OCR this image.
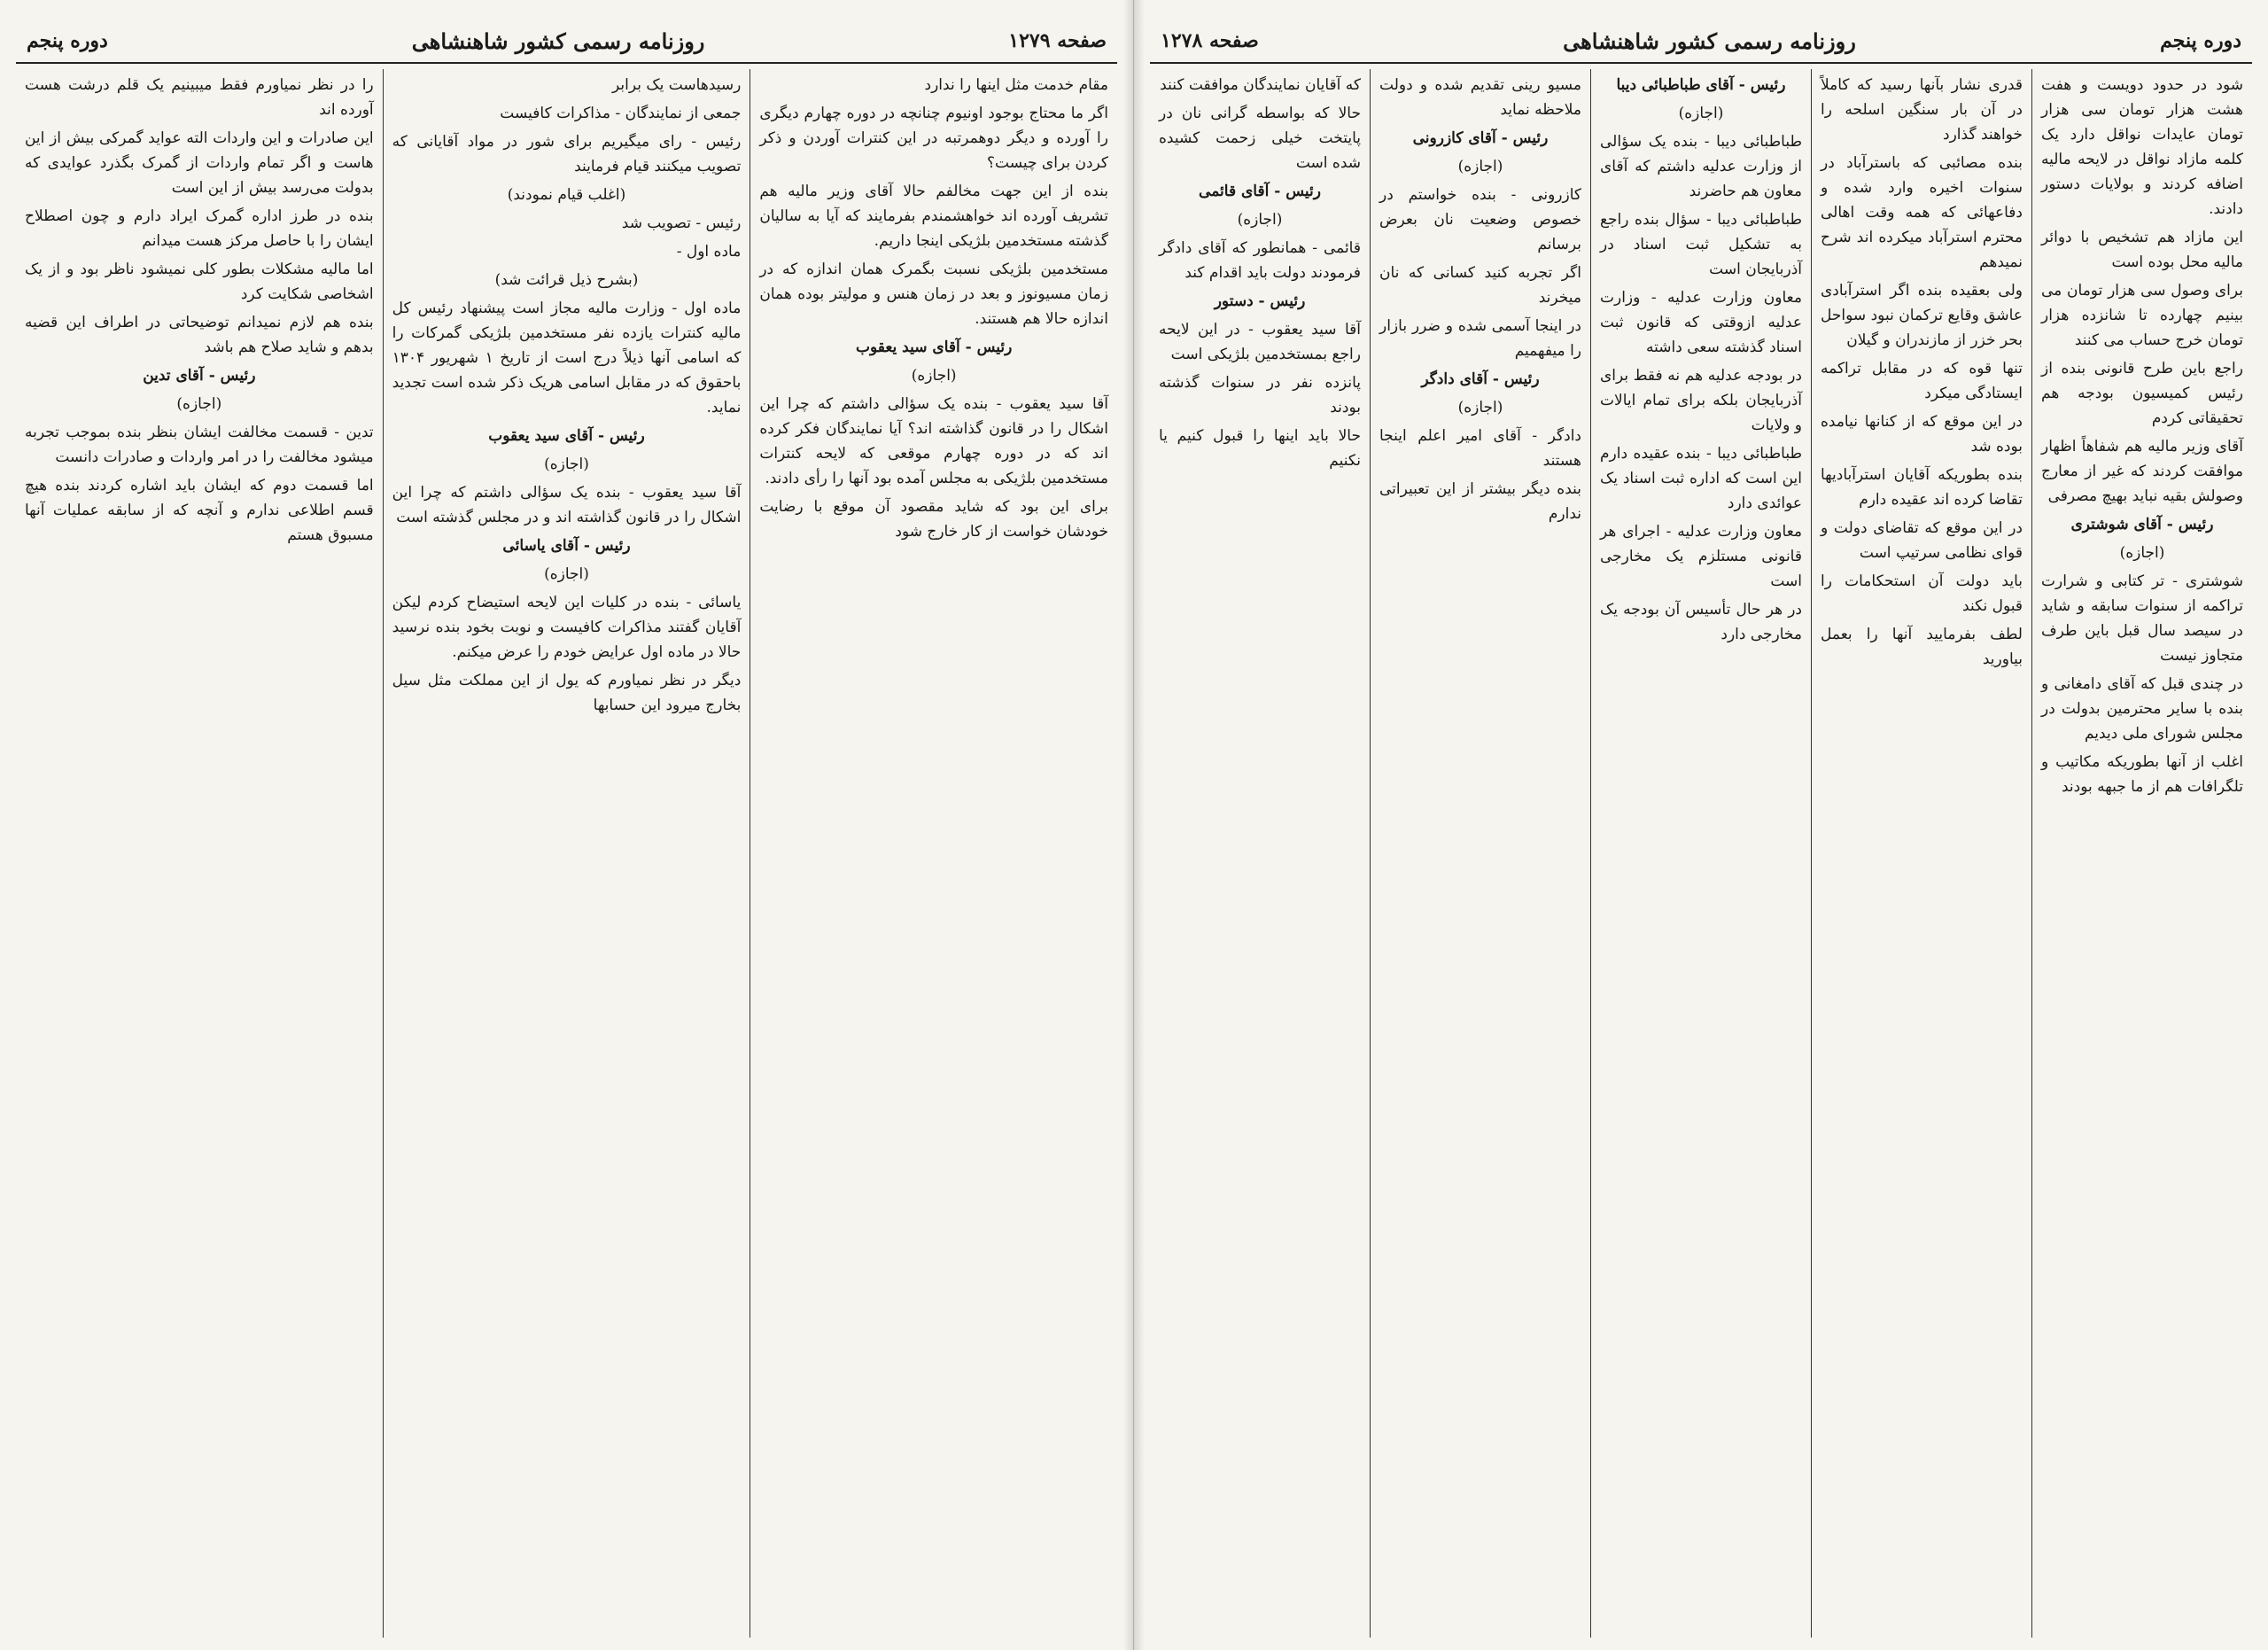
صفحه ۱۲۷۹
روزنامه رسمی کشور شاهنشاهی
دوره پنجم

مقام خدمت مثل اینها را ندارد

اگر ما محتاج بوجود اونیوم چنانچه در دوره چهارم دیگری را آورده و دیگر دوهمرتبه در این کنترات آوردن و ذکر کردن برای چیست؟

بنده از این جهت مخالفم حالا آقای وزیر مالیه هم تشریف آورده اند خواهشمندم بفرمایند که آیا به سالیان گذشته مستخدمین بلژیکی اینجا داریم.

مستخدمین بلژیکی نسبت بگمرک همان اندازه که در زمان مسیونوز و بعد در زمان هنس و مولیتر بوده همان اندازه حالا هم هستند.

رئیس - آقای سید یعقوب

(اجازه)

آقا سید یعقوب - بنده یک سؤالی داشتم که چرا این اشکال را در قانون گذاشته اند؟ آیا نمایندگان فکر کرده اند که در دوره چهارم موقعی که لایحه کنترات مستخدمین بلژیکی به مجلس آمده بود آنها را رأی دادند.

برای این بود که شاید مقصود آن موقع با رضایت خودشان خواست از کار خارج شود

رسیدهاست یک برابر

جمعی از نمایندگان - مذاکرات کافیست

رئیس - رای میگیریم برای شور در مواد آقایانی که تصویب میکنند قیام فرمایند

(اغلب قیام نمودند)

رئیس - تصویب شد

ماده اول -

(بشرح ذیل قرائت شد)

ماده اول - وزارت مالیه مجاز است پیشنهاد رئیس کل مالیه کنترات یازده نفر مستخدمین بلژیکی گمرکات را که اسامی آنها ذیلاً درج است از تاریخ ۱ شهریور ۱۳۰۴ باحقوق که در مقابل اسامی هریک ذکر شده است تجدید نماید.

رئیس - آقای سید یعقوب

(اجازه)

آقا سید یعقوب - بنده یک سؤالی داشتم که چرا این اشکال را در قانون گذاشته اند و در مجلس گذشته است

رئیس - آقای یاسائی

(اجازه)

یاسائی - بنده در کلیات این لایحه استیضاح کردم لیکن آقایان گفتند مذاکرات کافیست و نوبت بخود بنده نرسید حالا در ماده اول عرایض خودم را عرض میکنم.

دیگر در نظر نمیاورم که یول از این مملکت مثل سیل بخارج میرود این حسابها

را در نظر نمیاورم فقط میبینیم یک قلم درشت هست آورده اند

این صادرات و این واردات الته عواید گمرکی بیش از این هاست و اگر تمام واردات از گمرک بگذرد عوایدی که بدولت می‌رسد بیش از این است

بنده در طرز اداره گمرک ایراد دارم و چون اصطلاح ایشان را با حاصل مرکز هست میدانم

اما مالیه مشکلات بطور کلی نمیشود ناظر بود و از یک اشخاصی شکایت کرد

بنده هم لازم نمیدانم توضیحاتی در اطراف این قضیه بدهم و شاید صلاح هم باشد

رئیس - آقای تدین

(اجازه)

تدین - قسمت مخالفت ایشان بنظر بنده بموجب تجربه میشود مخالفت را در امر واردات و صادرات دانست

اما قسمت دوم که ایشان باید اشاره کردند بنده هیچ قسم اطلاعی ندارم و آنچه که از سابقه عملیات آنها مسبوق هستم

دوره پنجم
روزنامه رسمی کشور شاهنشاهی
صفحه ۱۲۷۸

شود در حدود دویست و هفت هشت هزار تومان سی هزار تومان عایدات نواقل دارد یک کلمه مازاد نواقل در لایحه مالیه اضافه کردند و بولایات دستور دادند.

این مازاد هم تشخیص با دوائر مالیه محل بوده است

برای وصول سی هزار تومان می بینیم چهارده تا شانزده هزار تومان خرج حساب می کنند

راجع باین طرح قانونی بنده از رئیس کمیسیون بودجه هم تحقیقاتی کردم

آقای وزیر مالیه هم شفاهاً اظهار موافقت کردند که غیر از معارج وصولش بقیه نباید بهیچ مصرفی

رئیس - آقای شوشتری

(اجازه)

شوشتری - تر کتابی و شرارت تراکمه از سنوات سابقه و شاید در سیصد سال قبل باین طرف متجاوز نیست

در چندی قبل که آقای دامغانی و بنده با سایر محترمین بدولت در مجلس شورای ملی دیدیم

اغلب از آنها بطوریکه مکاتیب و تلگرافات هم از ما جبهه بودند

قدری نشار بآنها رسید که کاملاً در آن بار سنگین اسلحه را خواهند گذارد

بنده مصائبی که باسترآباد در سنوات اخیره وارد شده و دفاعهائی که همه وقت اهالی محترم استرآباد میکرده اند شرح نمیدهم

ولی بعقیده بنده اگر استرآبادی عاشق وقایع ترکمان نبود سواحل بحر خزر از مازندران و گیلان

تنها قوه که در مقابل تراکمه ایستادگی میکرد

در این موقع که از کنانها نیامده بوده شد

بنده بطوریکه آقایان استرآبادیها تقاضا کرده اند عقیده دارم

در این موقع که تقاضای دولت و قوای نظامی سرتیپ است

باید دولت آن استحکامات را قبول نکند

لطف بفرمایید آنها را بعمل بیاورید

رئیس - آقای طباطبائی دیبا

(اجازه)

طباطبائی دیبا - بنده یک سؤالی از وزارت عدلیه داشتم که آقای معاون هم حاضرند

طباطبائی دیبا - سؤال بنده راجع به تشکیل ثبت اسناد در آذربایجان است

معاون وزارت عدلیه - وزارت عدلیه ازوقتی که قانون ثبت اسناد گذشته سعی داشته

در بودجه عدلیه هم نه فقط برای آذربایجان بلکه برای تمام ایالات و ولایات

طباطبائی دیبا - بنده عقیده دارم این است که اداره ثبت اسناد یک عوائدی دارد

معاون وزارت عدلیه - اجرای هر قانونی مستلزم یک مخارجی است

در هر حال تأسیس آن بودجه یک مخارجی دارد

مسیو رینی تقدیم شده و دولت ملاحظه نماید

رئیس - آقای کازرونی

(اجازه)

کازرونی - بنده خواستم در خصوص وضعیت نان بعرض برسانم

اگر تجربه کنید کسانی که نان میخرند

در اینجا آسمی شده و ضرر بازار را میفهمیم

رئیس - آقای دادگر

(اجازه)

دادگر - آقای امیر اعلم اینجا هستند

بنده دیگر بیشتر از این تعبیراتی ندارم

که آقایان نمایندگان موافقت کنند

حالا که بواسطه گرانی نان در پایتخت خیلی زحمت کشیده شده است

رئیس - آقای قائمی

(اجازه)

قائمی - همانطور که آقای دادگر فرمودند دولت باید اقدام کند

رئیس - دستور

آقا سید یعقوب - در این لایحه راجع بمستخدمین بلژیکی است

پانزده نفر در سنوات گذشته بودند

حالا باید اینها را قبول کنیم یا نکنیم
